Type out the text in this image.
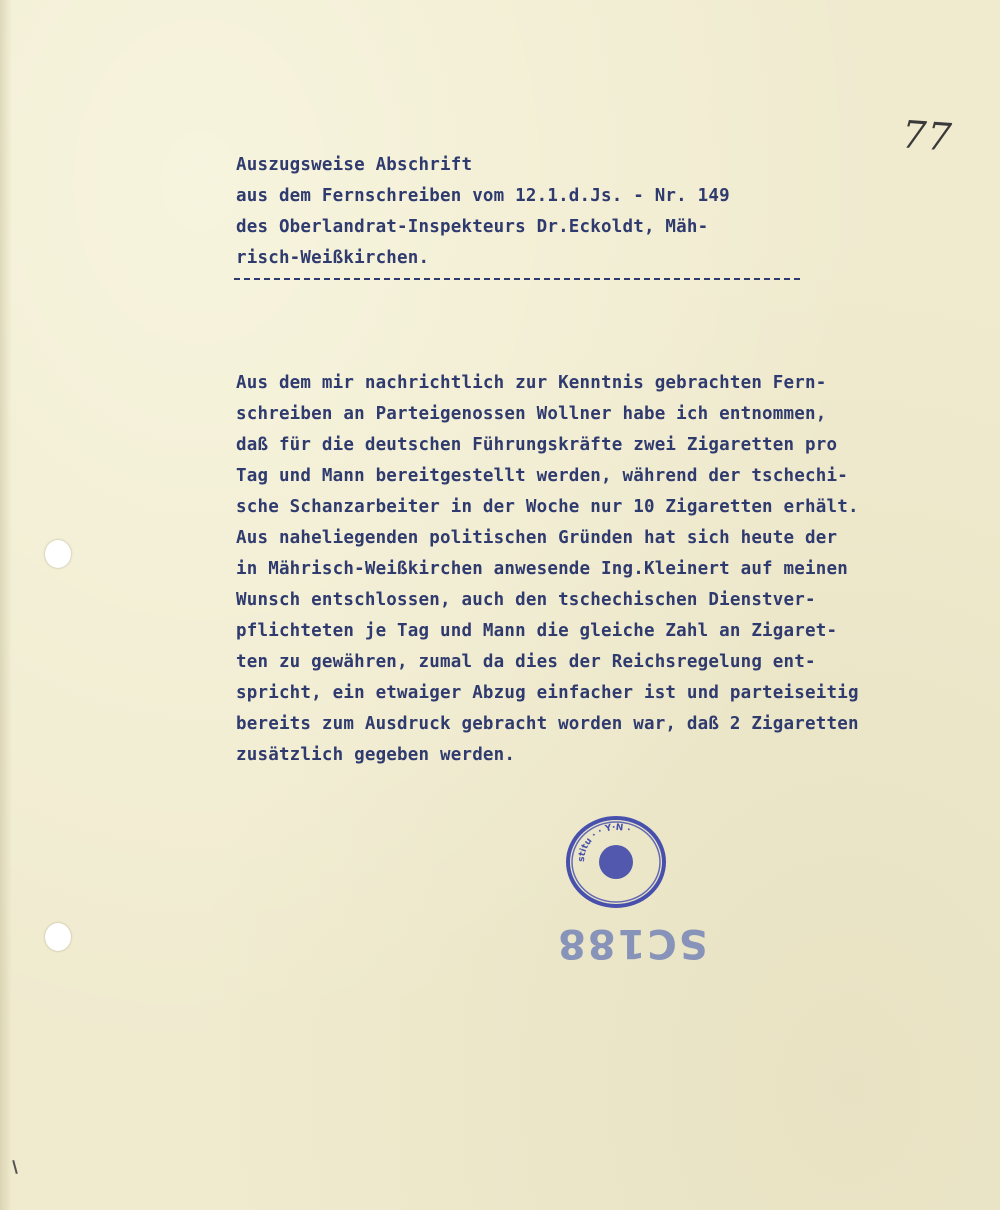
77
Auszugsweise Abschrift
aus dem Fernschreiben vom 12.1.d.Js. - Nr. 149
des Oberlandrat-Inspekteurs Dr.Eckoldt, Mäh-
risch-Weißkirchen.
Aus dem mir nachrichtlich zur Kenntnis gebrachten Fern-
schreiben an Parteigenossen Wollner habe ich entnommen,
daß für die deutschen Führungskräfte zwei Zigaretten pro
Tag und Mann bereitgestellt werden, während der tschechi-
sche Schanzarbeiter in der Woche nur 10 Zigaretten erhält.
Aus naheliegenden politischen Gründen hat sich heute der
in Mährisch-Weißkirchen anwesende Ing.Kleinert auf meinen
Wunsch entschlossen, auch den tschechischen Dienstver-
pflichteten je Tag und Mann die gleiche Zahl an Zigaret-
ten zu gewähren, zumal da dies der Reichsregelung ent-
spricht, ein etwaiger Abzug einfacher ist und parteiseitig
bereits zum Ausdruck gebracht worden war, daß 2 Zigaretten
zusätzlich gegeben werden.
stitu · · Y·N ·
SC188
